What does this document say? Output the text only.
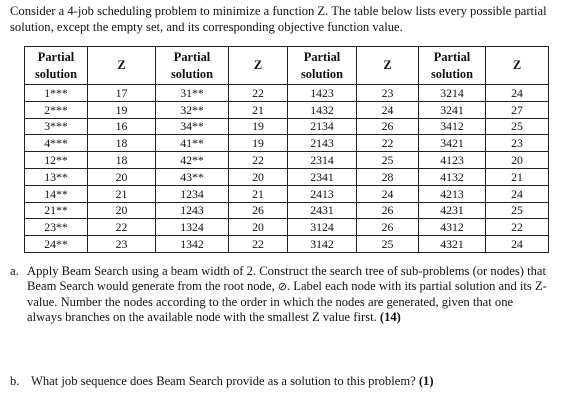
Consider a 4-job scheduling problem to minimize a function Z. The table below lists every possible partial solution, except the empty set, and its corresponding objective function value.
Partial
solution	Z	Partial
solution	Z	Partial
solution	Z	Partial
solution	Z
1***	17	31**	22	1423	23	3214	24
2***	19	32**	21	1432	24	3241	27
3***	16	34**	19	2134	26	3412	25
4***	18	41**	19	2143	22	3421	23
12**	18	42**	22	2314	25	4123	20
13**	20	43**	20	2341	28	4132	21
14**	21	1234	21	2413	24	4213	24
21**	20	1243	26	2431	26	4231	25
23**	22	1324	20	3124	26	4312	22
24**	23	1342	22	3142	25	4321	24
a. Apply Beam Search using a beam width of 2. Construct the search tree of sub-problems (or nodes) that Beam Search would generate from the root node, ⊘. Label each node with its partial solution and its Z-value. Number the nodes according to the order in which the nodes are generated, given that one always branches on the available node with the smallest Z value first. (14)
b. What job sequence does Beam Search provide as a solution to this problem? (1)
